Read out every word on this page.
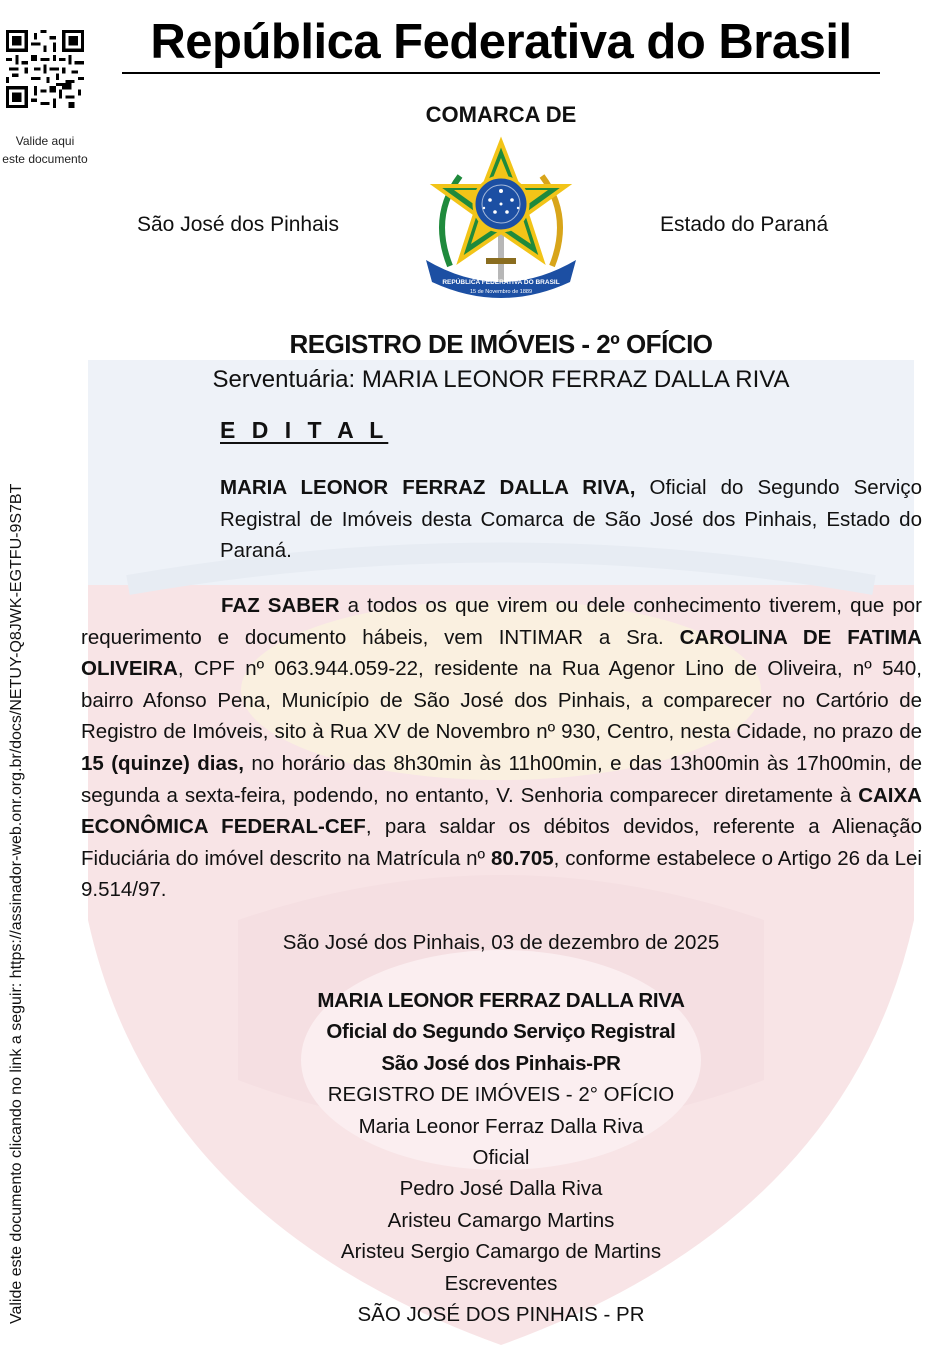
Valide aqui
este documento
Valide este documento clicando no link a seguir: https://assinador-web.onr.org.br/docs/NETUY-Q8JWK-EGTFU-9S7BT
República Federativa do Brasil
COMARCA DE
São José dos Pinhais	Estado do Paraná
REPÚBLICA FEDERATIVA DO BRASIL
15 de Novembro de 1889
REGISTRO DE IMÓVEIS - 2º OFÍCIO
Serventuária: MARIA LEONOR FERRAZ DALLA RIVA
E D I T A L
MARIA LEONOR FERRAZ DALLA RIVA, Oficial do Segundo Serviço Registral de Imóveis desta Comarca de São José dos Pinhais, Estado do Paraná.
FAZ SABER a todos os que virem ou dele conhecimento tiverem, que por requerimento e documento hábeis, vem INTIMAR a Sra. CAROLINA DE FATIMA OLIVEIRA, CPF nº 063.944.059-22, residente na Rua Agenor Lino de Oliveira, nº 540, bairro Afonso Pena, Município de São José dos Pinhais, a comparecer no Cartório de Registro de Imóveis, sito à Rua XV de Novembro nº 930, Centro, nesta Cidade, no prazo de 15 (quinze) dias, no horário das 8h30min às 11h00min, e das 13h00min às 17h00min, de segunda a sexta-feira, podendo, no entanto, V. Senhoria comparecer diretamente à CAIXA ECONÔMICA FEDERAL-CEF, para saldar os débitos devidos, referente a Alienação Fiduciária do imóvel descrito na Matrícula nº 80.705, conforme estabelece o Artigo 26 da Lei 9.514/97.
São José dos Pinhais, 03 de dezembro de 2025
MARIA LEONOR FERRAZ DALLA RIVA
Oficial do Segundo Serviço Registral
São José dos Pinhais-PR
REGISTRO DE IMÓVEIS - 2° OFÍCIO
Maria Leonor Ferraz Dalla Riva
Oficial
Pedro José Dalla Riva
Aristeu Camargo Martins
Aristeu Sergio Camargo de Martins
Escreventes
SÃO JOSÉ DOS PINHAIS - PR
